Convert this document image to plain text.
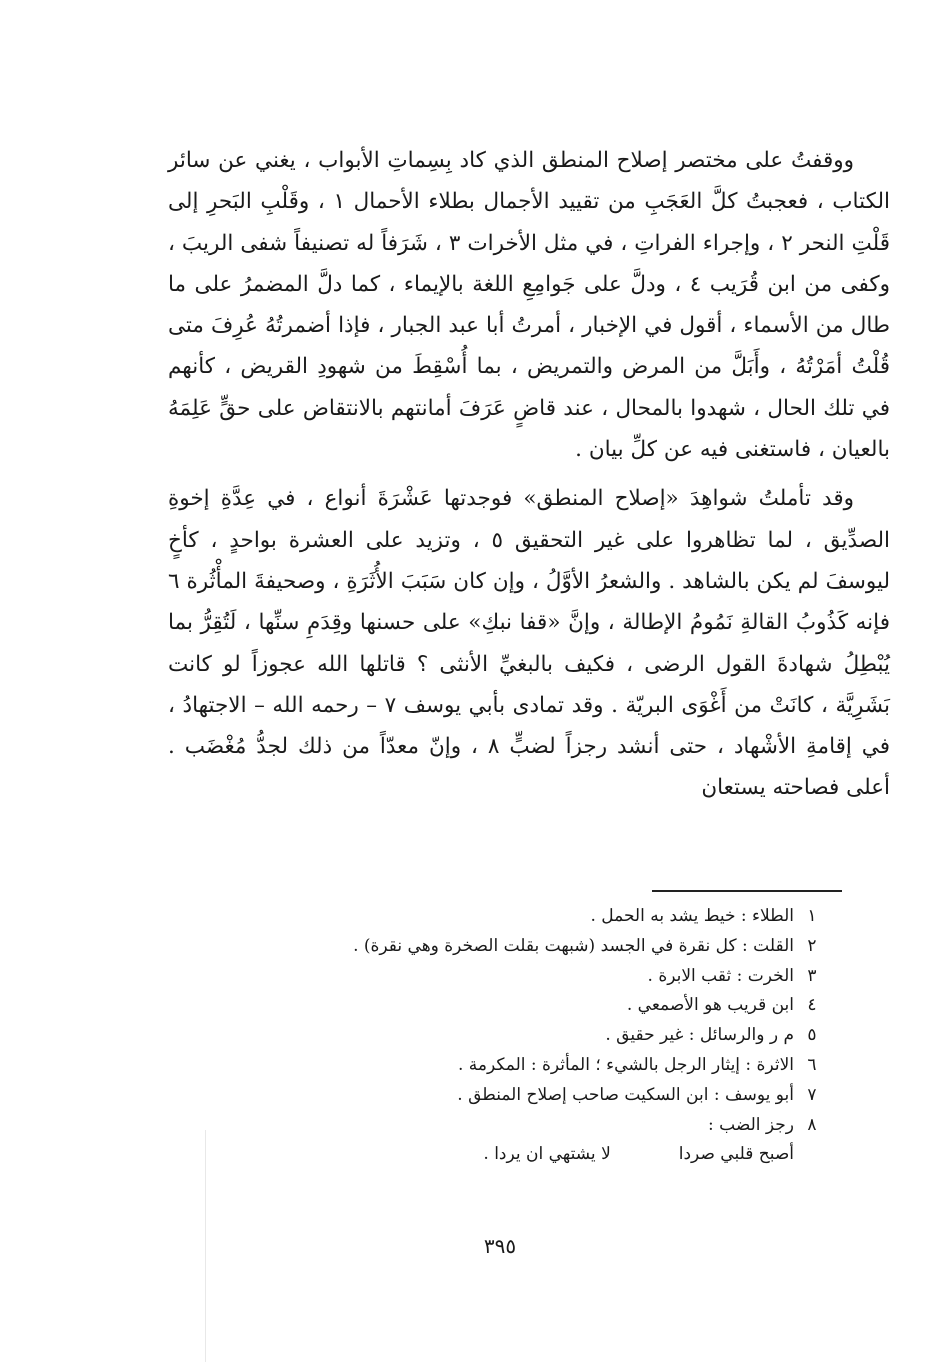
ووقفتُ على مختصر إصلاح المنطق الذي كاد بِسِماتِ الأبواب ، يغني عن سائر الكتاب ، فعجبتُ كلَّ العَجَبِ من تقييد الأجمال بطلاء الأحمال ١ ، وقَلْبِ البَحرِ إلى قَلْتِ النحر ٢ ، وإجراء الفراتِ ، في مثل الأخرات ٣ ، شَرَفاً له تصنيفاً شفى الريبَ ، وكفى من ابن قُرَيب ٤ ، ودلَّ على جَوامِعِ اللغة بالإيماء ، كما دلَّ المضمرُ على ما طال من الأسماء ، أقول في الإخبار ، أمرتُ أبا عبد الجبار ، فإذا أضمرتُهُ عُرِفَ متى قُلْتُ أمَرْتُهُ ، وأَبَلَّ من المرض والتمريض ، بما أُسْقِطَ من شهودِ القريض ، كأنهم في تلك الحال ، شهدوا بالمحال ، عند قاضٍ عَرَفَ أمانتهم بالانتقاض على حقٍّ عَلِمَهُ بالعيان ، فاستغنى فيه عن كلِّ بيان .

وقد تأملتُ شواهِدَ «إصلاح المنطق» فوجدتها عَشْرَةَ أنواع ، في عِدَّةِ إخوةِ الصدِّيق ، لما تظاهروا على غير التحقيق ٥ ، وتزيد على العشرة بواحدٍ ، كأخٍ ليوسفَ لم يكن بالشاهد . والشعرُ الأوَّلُ ، وإن كان سَبَبَ الأُثَرَةِ ، وصحيفةَ المأْثُرة ٦ فإنه كَذُوبُ القالةِ نَمُومُ الإطالة ، وإنَّ «قفا نبكِ» على حسنها وقِدَمِ سنِّها ، لَتُقِرُّ بما يُبْطِلُ شهادةَ القول الرضى ، فكيف بالبغيِّ الأنثى ؟ قاتلها الله عجوزاً لو كانت بَشَرِيَّة ، كانَتْ من أَغْوَى البريّة . وقد تمادى بأبي يوسف ٧ – رحمه الله – الاجتهادُ ، في إقامةِ الأشْهاد ، حتى أنشد رجزاً لضبٍّ ٨ ، وإنّ معدّاً من ذلك لجدُّ مُغْضَب . أعلى فصاحته يستعان

١
الطلاء : خيط يشد به الحمل .
٢
القلت : كل نقرة في الجسد (شبهت بقلت الصخرة وهي نقرة) .
٣
الخرت : ثقب الابرة .
٤
ابن قريب هو الأصمعي .
٥
م ر والرسائل : غير حقيق .
٦
الاثرة : إيثار الرجل بالشيء ؛ المأثرة : المكرمة .
٧
أبو يوسف : ابن السكيت صاحب إصلاح المنطق .
٨
رجز الضب :
أصبح قلبي صردا
لا يشتهي ان يردا .
٣٩٥
